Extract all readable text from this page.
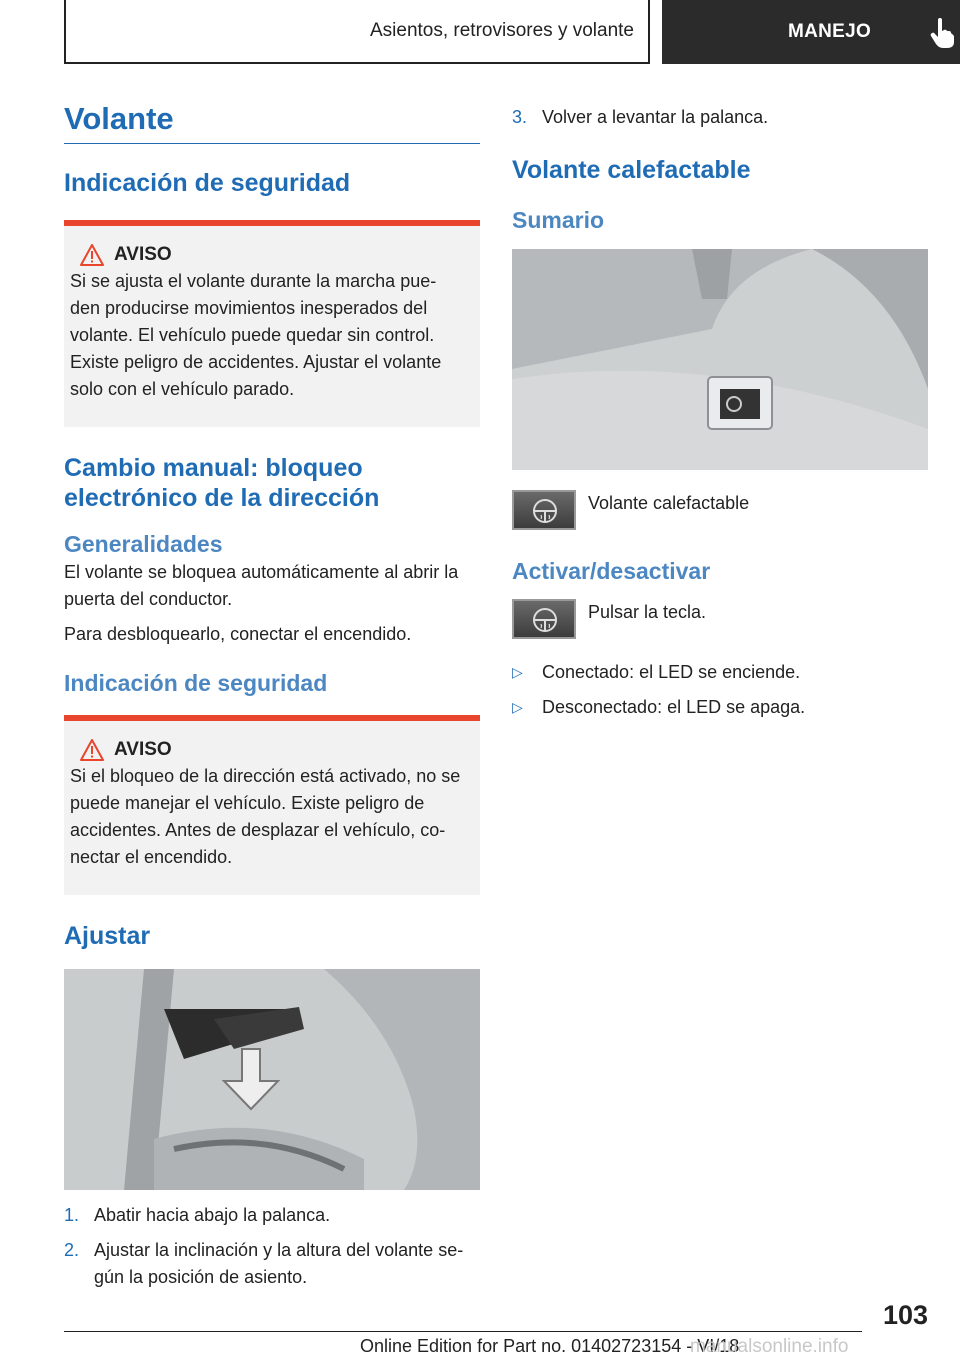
Asientos, retrovisores y volante	MANEJO
Volante
Indicación de seguridad
AVISO
Si se ajusta el volante durante la marcha pue-den producirse movimientos inesperados del volante. El vehículo puede quedar sin control. Existe peligro de accidentes. Ajustar el volante solo con el vehículo parado.
Cambio manual: bloqueo electrónico de la dirección
Generalidades
El volante se bloquea automáticamente al abrir la puerta del conductor.
Para desbloquearlo, conectar el encendido.
Indicación de seguridad
AVISO
Si el bloqueo de la dirección está activado, no se puede manejar el vehículo. Existe peligro de accidentes. Antes de desplazar el vehículo, co-nectar el encendido.
Ajustar
1. Abatir hacia abajo la palanca.
2. Ajustar la inclinación y la altura del volante se-gún la posición de asiento.
3. Volver a levantar la palanca.
Volante calefactable
Sumario
Volante calefactable
Activar/desactivar
Pulsar la tecla.
▷	Conectado: el LED se enciende.
▷	Desconectado: el LED se apaga.
103
Online Edition for Part no. 01402723154 - VI/18
manualsonline.info
